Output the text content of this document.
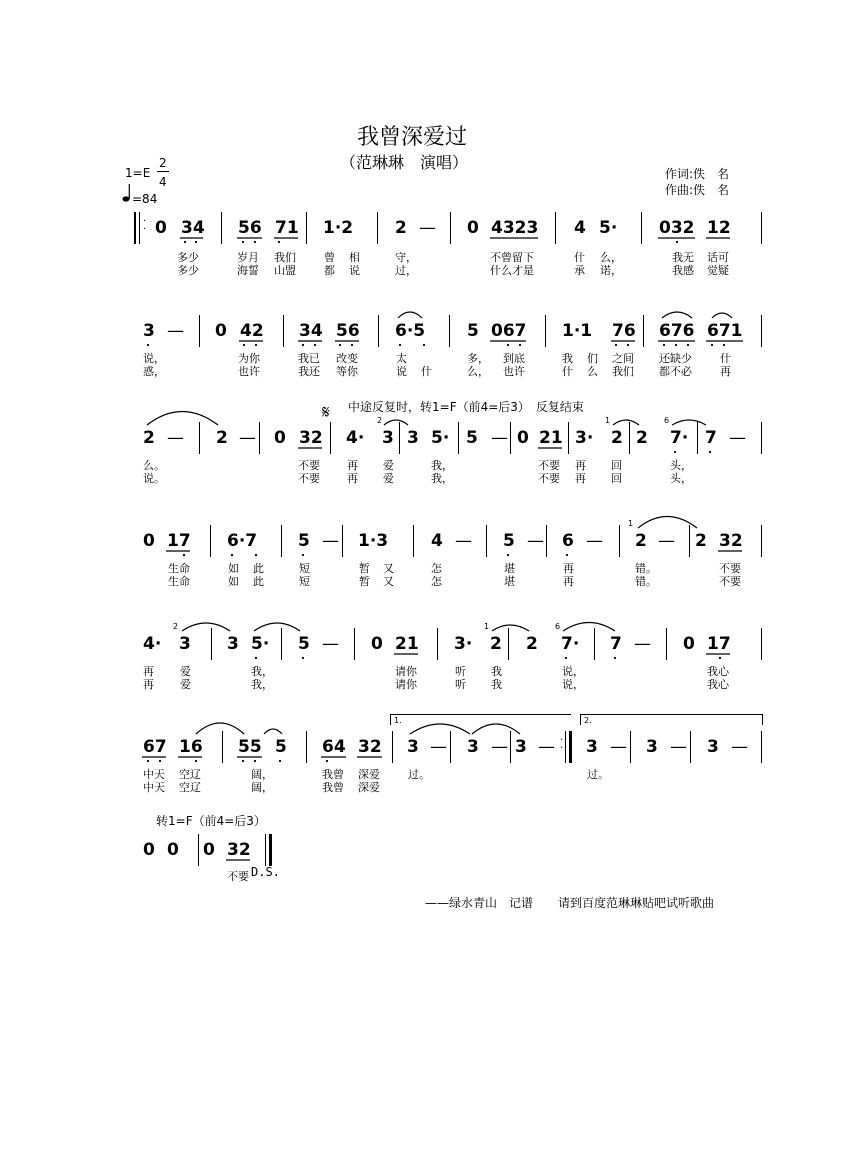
我曾深爱过
（范琳琳　演唱）
1=E
2
4
=84
作词:佚　名
作曲:佚　名
·
· 0 34 56 71 1·2 2 — 0 4323 4 5· 032 12
多少	岁月 我们	曾 相	守，	不曾留下	什 么，	我无 话可
多少	海誓 山盟	都 说	过，	什么才是	承 诺，	我感 觉疑
3 — 0 42 34 56 6·5 5 067 1·1 76 676 671
说，	为你	我已 改变	太	多， 到底	我 们 之间 还缺少	什
惑，	也许	我还 等你	说 什	么， 也许	什 么 我们 都不必	再
中途反复时，转1=F（前4=后3）　反复结束
𝄋
2 — 2 — 0 32 4·
2
3 3 5· 5 — 0 21 3·
1
2 2
6
7· 7 —
么。	不要 再 爱	我，	不要 再 回	头，
说。	不要 再 爱	我，	不要 再 回	头，
0 17 6·7 5 — 1·3	4 — 5 — 6 —
1
2 — 2 32
生命	如 此	短	暂 又	怎	堪	再	错。	不要
生命	如 此	短	暂 又	怎	堪	再	错。	不要
4·
2
3 3 5· 5 — 0 21 3·
1
2 2
6
7· 7 — 0 17
再 爱	我，	请你	听 我	说，	我心
再 爱	我，	请你	听 我	说，	我心
1.	2.
67 16 55 5 64 32 3 — 3 — 3 — ·
· 3 — 3 — 3 —
中天 空辽	阔，	我曾 深爱	过。	过。
中天 空辽	阔，	我曾 深爱
转1=F（前4=后3）
0 0 0 32
不要 D.S.
——绿水青山　记谱 请到百度范琳琳贴吧试听歌曲
